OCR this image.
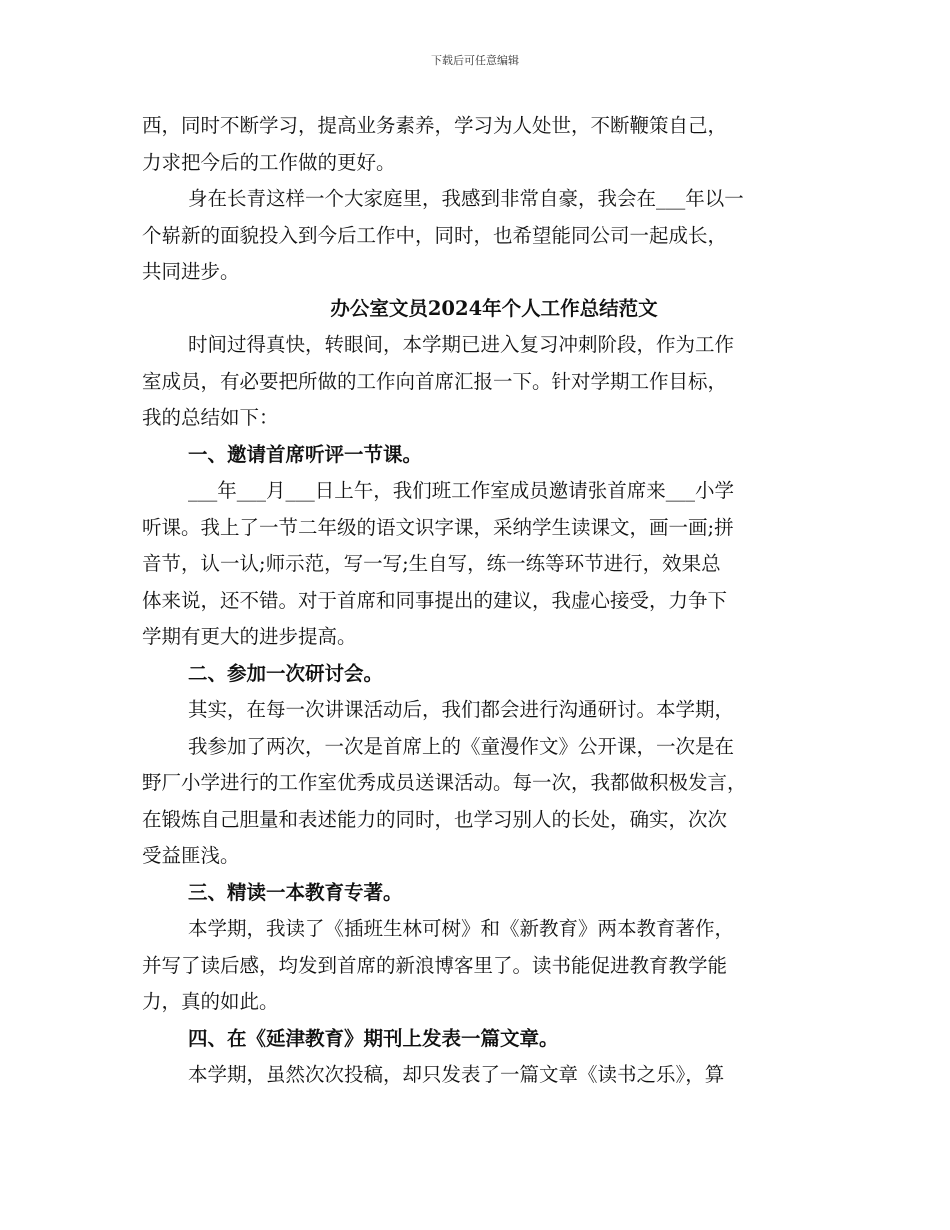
下载后可任意编辑
西，同时不断学习，提高业务素养，学习为人处世，不断鞭策自己，
力求把今后的工作做的更好。
身在长青这样一个大家庭里，我感到非常自豪，我会在___年以一
个崭新的面貌投入到今后工作中，同时，也希望能同公司一起成长，
共同进步。
办公室文员2024年个人工作总结范文
时间过得真快，转眼间，本学期已进入复习冲刺阶段，作为工作
室成员，有必要把所做的工作向首席汇报一下。针对学期工作目标，
我的总结如下：
一、邀请首席听评一节课。
___年___月___日上午，我们班工作室成员邀请张首席来___小学
听课。我上了一节二年级的语文识字课，采纳学生读课文，画一画;拼
音节，认一认;师示范，写一写;生自写，练一练等环节进行，效果总
体来说，还不错。对于首席和同事提出的建议，我虚心接受，力争下
学期有更大的进步提高。
二、参加一次研讨会。
其实，在每一次讲课活动后，我们都会进行沟通研讨。本学期，
我参加了两次，一次是首席上的《童漫作文》公开课，一次是在
野厂小学进行的工作室优秀成员送课活动。每一次，我都做积极发言，
在锻炼自己胆量和表述能力的同时，也学习别人的长处，确实，次次
受益匪浅。
三、精读一本教育专著。
本学期，我读了《插班生林可树》和《新教育》两本教育著作，
并写了读后感，均发到首席的新浪博客里了。读书能促进教育教学能
力，真的如此。
四、在《延津教育》期刊上发表一篇文章。
本学期，虽然次次投稿，却只发表了一篇文章《读书之乐》，算
